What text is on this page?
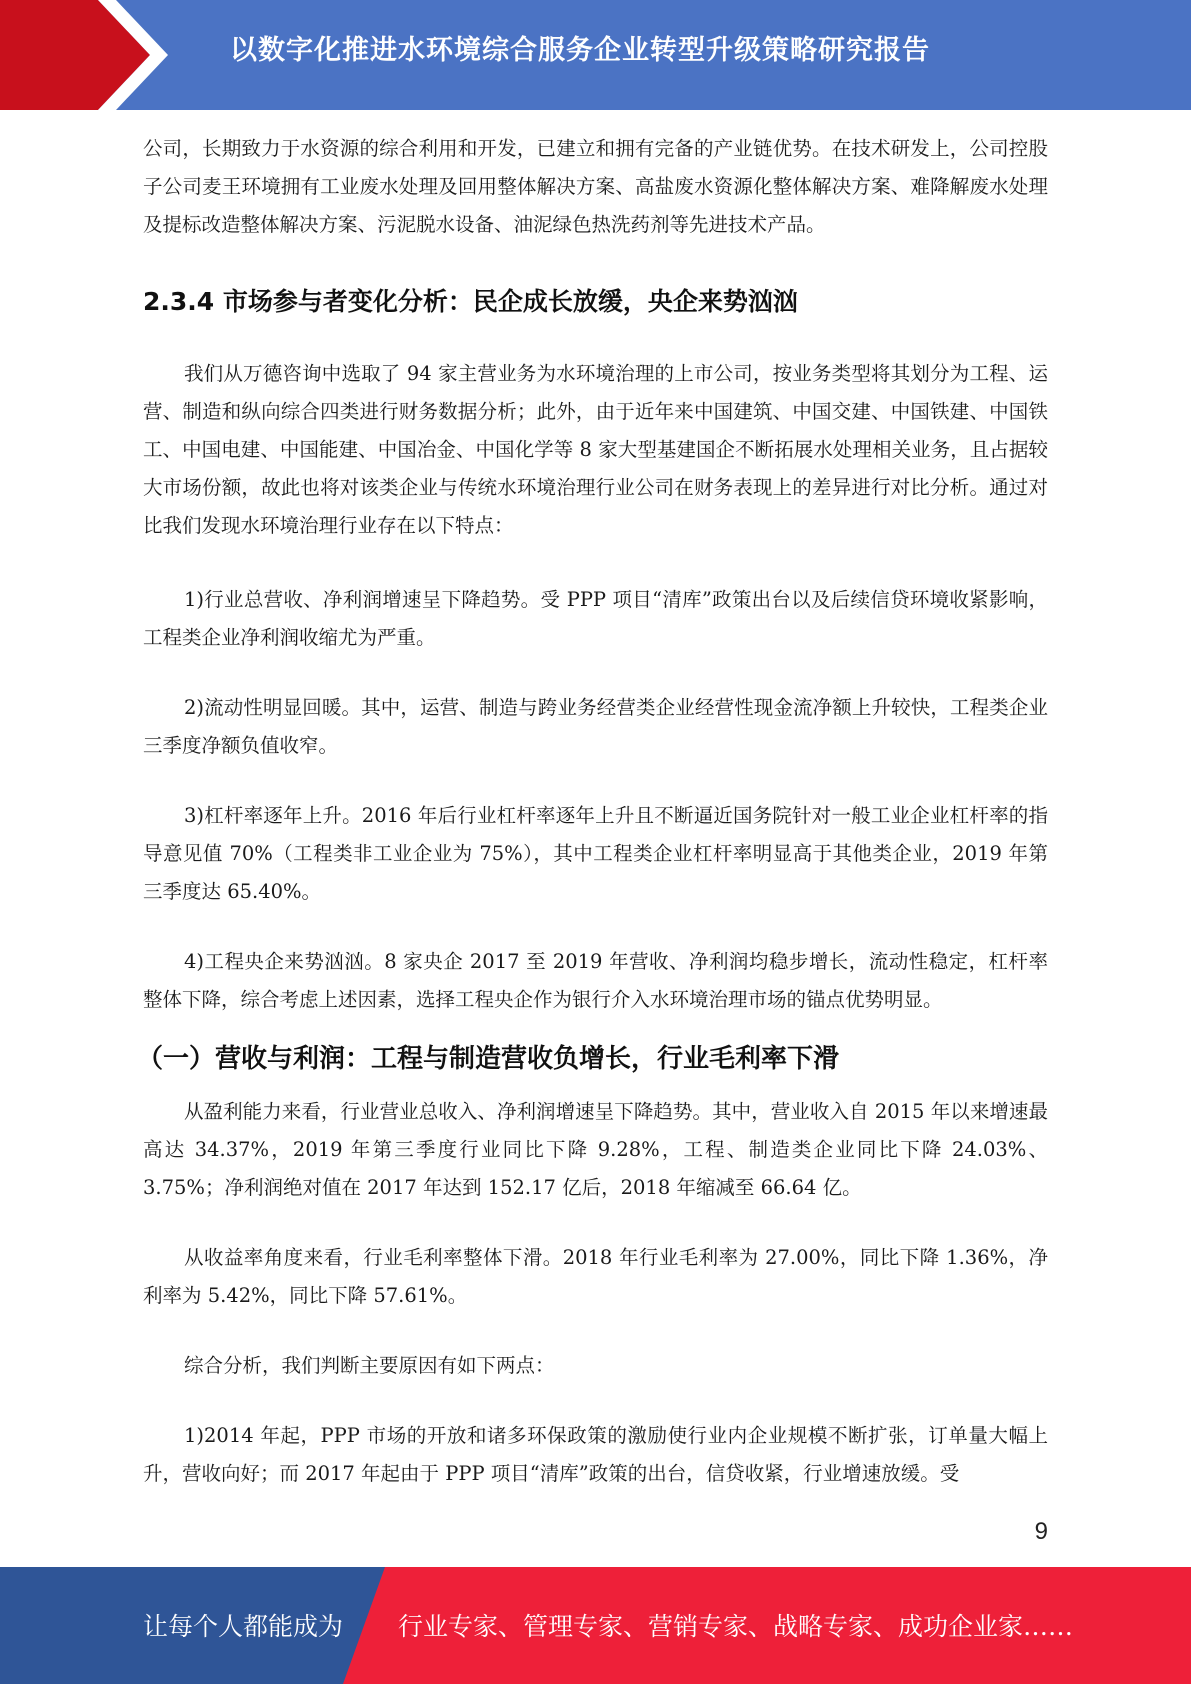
以数字化推进水环境综合服务企业转型升级策略研究报告

公司，长期致力于水资源的综合利用和开发，已建立和拥有完备的产业链优势。在技术研发上，公司控股子公司麦王环境拥有工业废水处理及回用整体解决方案、高盐废水资源化整体解决方案、难降解废水处理及提标改造整体解决方案、污泥脱水设备、油泥绿色热洗药剂等先进技术产品。

2.3.4 市场参与者变化分析：民企成长放缓，央企来势汹汹

我们从万德咨询中选取了 94 家主营业务为水环境治理的上市公司，按业务类型将其划分为工程、运营、制造和纵向综合四类进行财务数据分析；此外，由于近年来中国建筑、中国交建、中国铁建、中国铁工、中国电建、中国能建、中国冶金、中国化学等 8 家大型基建国企不断拓展水处理相关业务，且占据较大市场份额，故此也将对该类企业与传统水环境治理行业公司在财务表现上的差异进行对比分析。通过对比我们发现水环境治理行业存在以下特点：

1)行业总营收、净利润增速呈下降趋势。受 PPP 项目“清库”政策出台以及后续信贷环境收紧影响，工程类企业净利润收缩尤为严重。

2)流动性明显回暖。其中，运营、制造与跨业务经营类企业经营性现金流净额上升较快，工程类企业三季度净额负值收窄。

3)杠杆率逐年上升。2016 年后行业杠杆率逐年上升且不断逼近国务院针对一般工业企业杠杆率的指导意见值 70%（工程类非工业企业为 75%），其中工程类企业杠杆率明显高于其他类企业，2019 年第三季度达 65.40%。

4)工程央企来势汹汹。8 家央企 2017 至 2019 年营收、净利润均稳步增长，流动性稳定，杠杆率整体下降，综合考虑上述因素，选择工程央企作为银行介入水环境治理市场的锚点优势明显。

（一）营收与利润：工程与制造营收负增长，行业毛利率下滑

从盈利能力来看，行业营业总收入、净利润增速呈下降趋势。其中，营业收入自 2015 年以来增速最高达 34.37%，2019 年第三季度行业同比下降 9.28%，工程、制造类企业同比下降 24.03%、3.75%；净利润绝对值在 2017 年达到 152.17 亿后，2018 年缩减至 66.64 亿。

从收益率角度来看，行业毛利率整体下滑。2018 年行业毛利率为 27.00%，同比下降 1.36%，净利率为 5.42%，同比下降 57.61%。

综合分析，我们判断主要原因有如下两点：

1)2014 年起，PPP 市场的开放和诸多环保政策的激励使行业内企业规模不断扩张，订单量大幅上升，营收向好；而 2017 年起由于 PPP 项目“清库”政策的出台，信贷收紧，行业增速放缓。受

9
让每个人都能成为 行业专家、管理专家、营销专家、战略专家、成功企业家……
